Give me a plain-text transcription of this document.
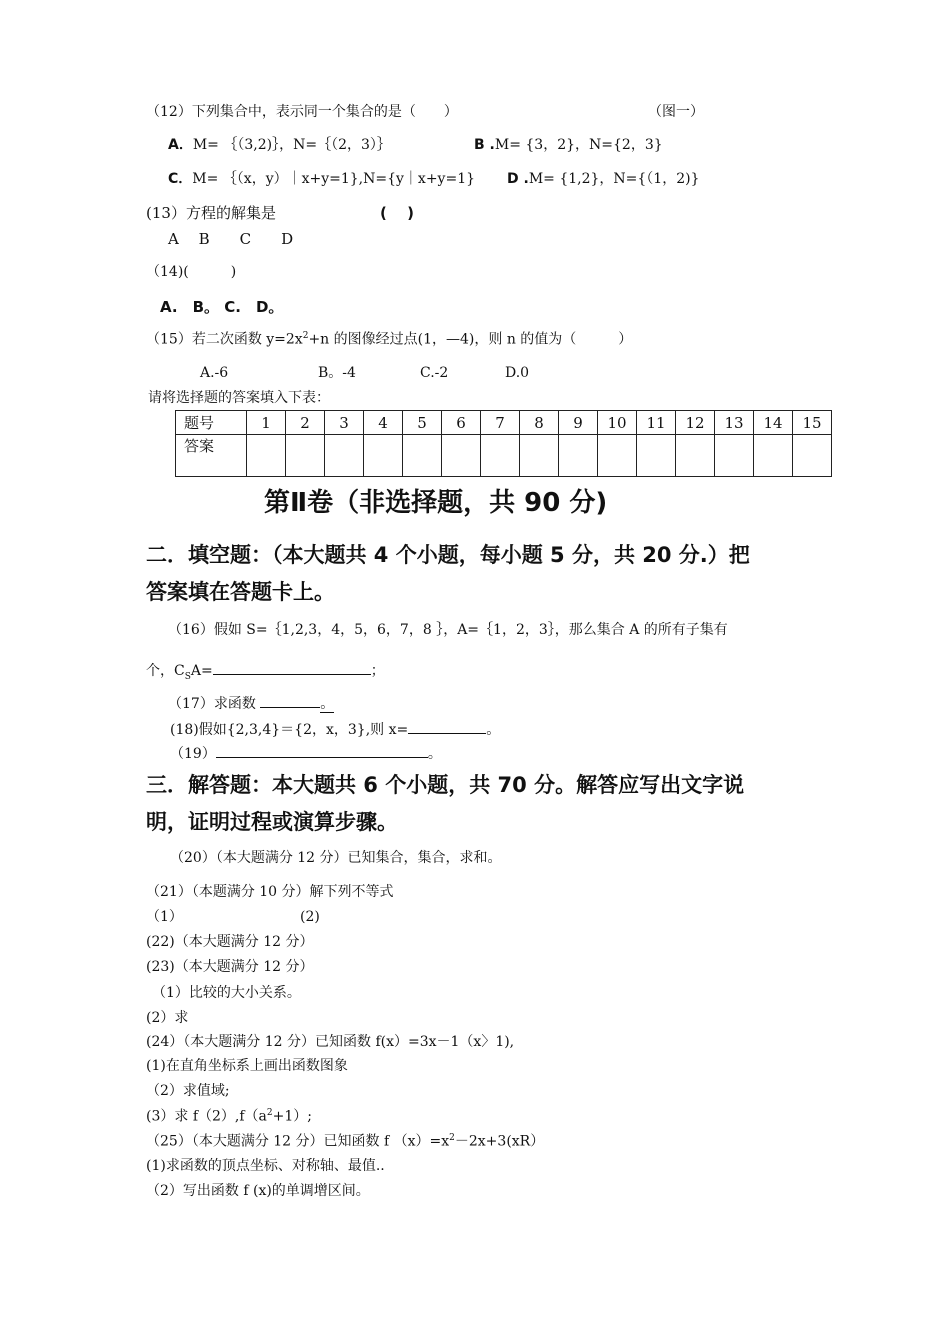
（12）下列集合中，表示同一个集合的是（　　）	（图一）
A．M= ｛（3,2)｝，N=｛（2，3）｝	B .M= {3，2}，N={2，3}
C．M= ｛（x，y）｜x+y=1},N={y｜x+y=1} D .M= {1,2}，N={（1，2)}
(13）方程的解集是	(　 )
A　 B　　C　　D
（14)(　　　)
A.　B。 C.　D。
（15）若二次函数 $y=2x^2+n$ 的图像经过点(1，—4)，则 n 的值为（　　　）
A.-6	B。-4	C.-2	D.0
请将选择题的答案填入下表：
题号	1	2	3	4	5	6	7	8	9	10	11	12	13	14	15
答案															
第Ⅱ卷（非选择题，共 90 分)
二．填空题：（本大题共 4 个小题，每小题 5 分，共 20 分.）把
答案填在答题卡上。
（16）假如 S=｛1,2,3，4，5，6，7，8 ｝，A=｛1，2，3｝，那么集合 A 的所有子集有
个，$C_SA=$	；
（17）求函数	。
(18)假如{2,3,4}＝{2，x，3},则 x=	。
（19）	。
三．解答题：本大题共 6 个小题，共 70 分。解答应写出文字说
明，证明过程或演算步骤。
（20）（本大题满分 12 分）已知集合，集合，求和。
（21）（本题满分 10 分）解下列不等式
（1）	(2)
(22)（本大题满分 12 分）
(23)（本大题满分 12 分）
（1）比较的大小关系。
(2）求
(24）（本大题满分 12 分）已知函数 f(x）=3x－1（x〉1),
(1)在直角坐标系上画出函数图象
（2）求值域;
(3）求 $f(2),f(a^2+1)$;
（25）（本大题满分 12 分）已知函数 f $(x)=x^2-2x+3(xR)$
(1)求函数的顶点坐标、对称轴、最值..
（2）写出函数 f (x)的单调增区间。
